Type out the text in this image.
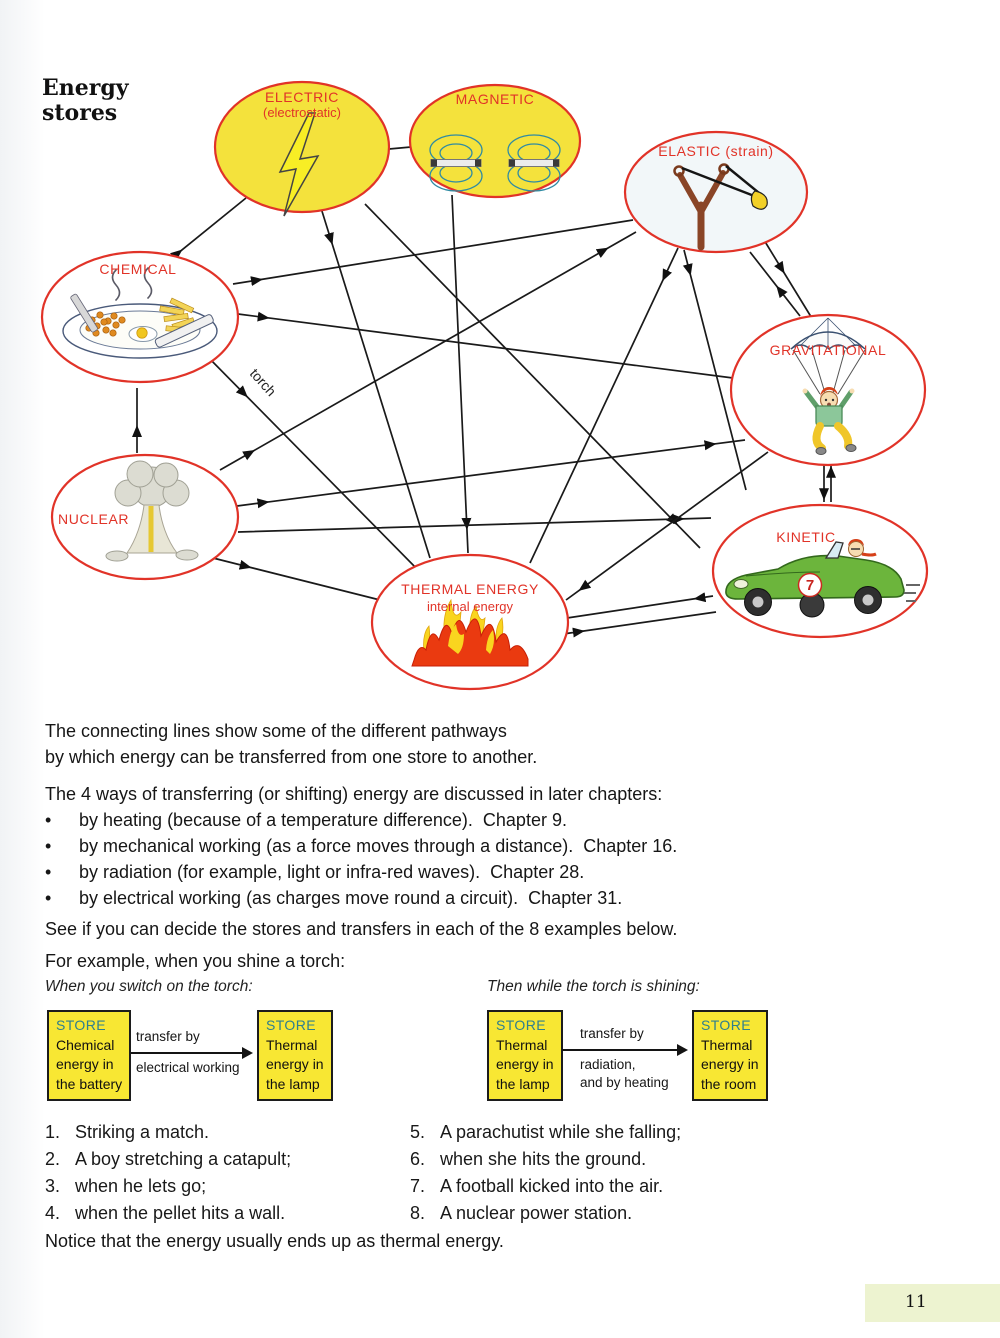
Energy
stores
ELECTRIC
(electrostatic)
MAGNETIC
ELASTIC (strain)
CHEMICAL
GRAVITATIONAL
NUCLEAR
KINETIC
THERMAL ENERGY
internal energy
torch
7
The connecting lines show some of the different pathways
by which energy can be transferred from one store to another.
The 4 ways of transferring (or shifting) energy are discussed in later chapters:
• by heating (because of a temperature difference).  Chapter 9.
• by mechanical working (as a force moves through a distance).  Chapter 16.
• by radiation (for example, light or infra-red waves).  Chapter 28.
• by electrical working (as charges move round a circuit).  Chapter 31.
See if you can decide the stores and transfers in each of the 8 examples below.
For example, when you shine a torch:
When you switch on the torch:	Then while the torch is shining:
STORE
Chemical
energy in
the battery
transfer by
electrical working
STORE
Thermal
energy in
the lamp
STORE
Thermal
energy in
the lamp
transfer by
radiation,
and by heating
STORE
Thermal
energy in
the room
1. Striking a match.
2. A boy stretching a catapult;
3. when he lets go;
4. when the pellet hits a wall.
5. A parachutist while she falling;
6. when she hits the ground.
7. A football kicked into the air.
8. A nuclear power station.
Notice that the energy usually ends up as thermal energy.
11
